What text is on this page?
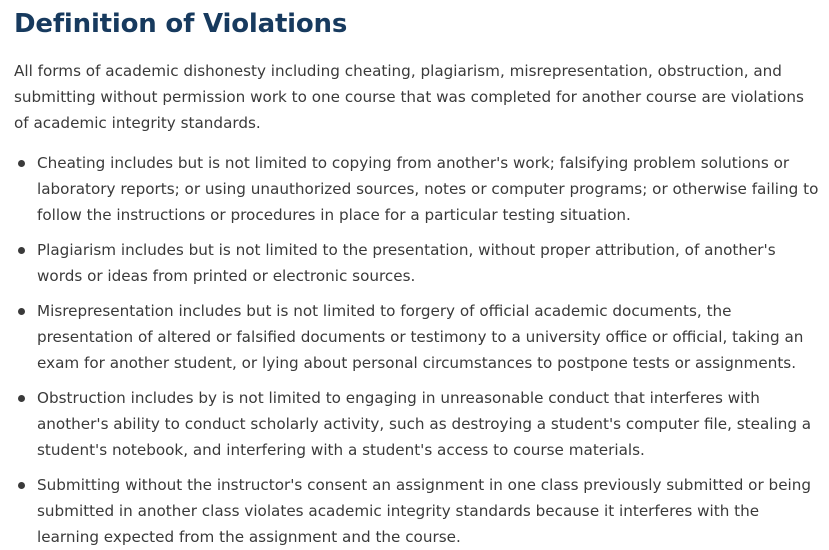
Definition of Violations

All forms of academic dishonesty including cheating, plagiarism, misrepresentation, obstruction, and submitting without permission work to one course that was completed for another course are violations of academic integrity standards.

Cheating includes but is not limited to copying from another's work; falsifying problem solutions or laboratory reports; or using unauthorized sources, notes or computer programs; or otherwise failing to follow the instructions or procedures in place for a particular testing situation.
Plagiarism includes but is not limited to the presentation, without proper attribution, of another's words or ideas from printed or electronic sources.
Misrepresentation includes but is not limited to forgery of official academic documents, the presentation of altered or falsified documents or testimony to a university office or official, taking an exam for another student, or lying about personal circumstances to postpone tests or assignments.
Obstruction includes by is not limited to engaging in unreasonable conduct that interferes with another's ability to conduct scholarly activity, such as destroying a student's computer file, stealing a student's notebook, and interfering with a student's access to course materials.
Submitting without the instructor's consent an assignment in one class previously submitted or being submitted in another class violates academic integrity standards because it interferes with the learning expected from the assignment and the course.
